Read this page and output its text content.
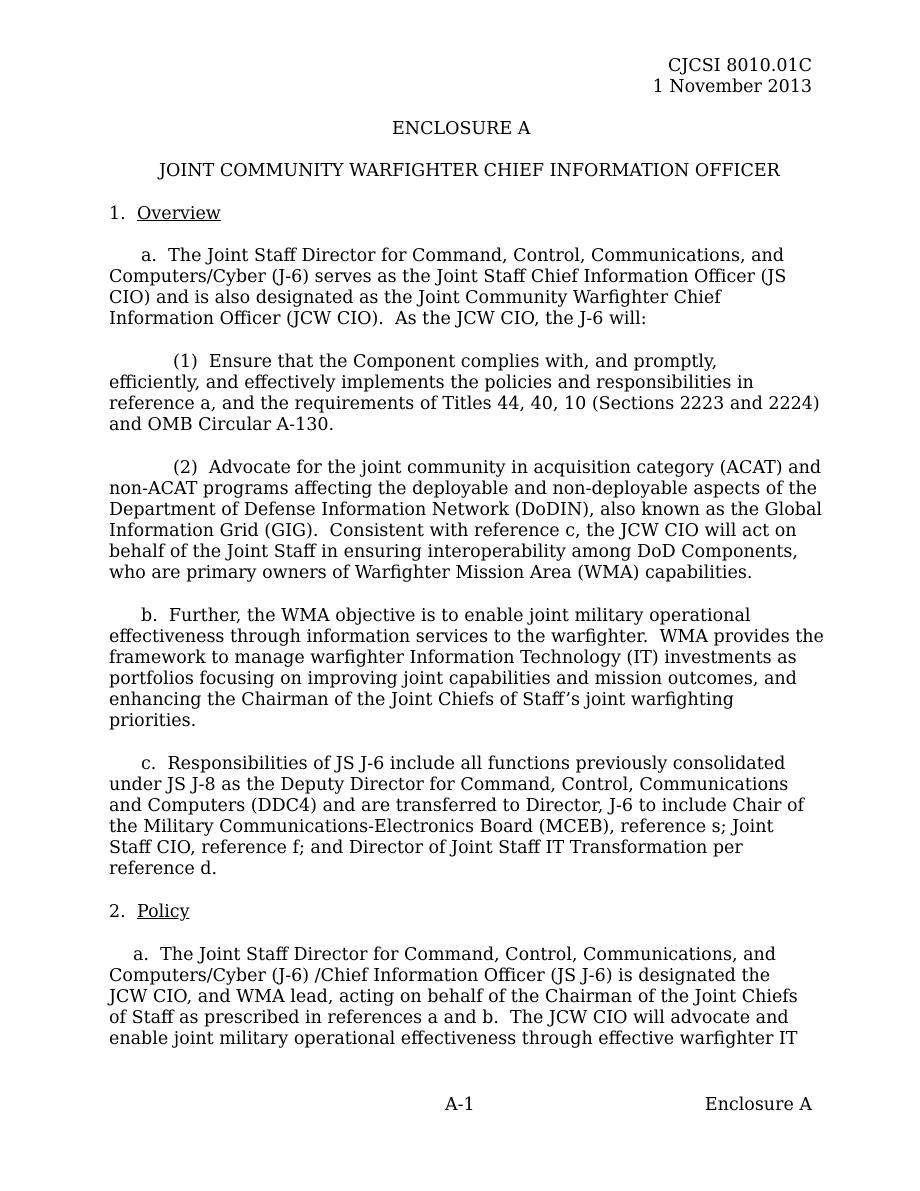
CJCSI 8010.01C
1 November 2013
ENCLOSURE A
JOINT COMMUNITY WARFIGHTER CHIEF INFORMATION OFFICER
1. Overview
a.  The Joint Staff Director for Command, Control, Communications, and
Computers/Cyber (J-6) serves as the Joint Staff Chief Information Officer (JS
CIO) and is also designated as the Joint Community Warfighter Chief
Information Officer (JCW CIO).  As the JCW CIO, the J-6 will:
(1)  Ensure that the Component complies with, and promptly,
efficiently, and effectively implements the policies and responsibilities in
reference a, and the requirements of Titles 44, 40, 10 (Sections 2223 and 2224)
and OMB Circular A-130.
(2)  Advocate for the joint community in acquisition category (ACAT) and
non-ACAT programs affecting the deployable and non-deployable aspects of the
Department of Defense Information Network (DoDIN), also known as the Global
Information Grid (GIG).  Consistent with reference c, the JCW CIO will act on
behalf of the Joint Staff in ensuring interoperability among DoD Components,
who are primary owners of Warfighter Mission Area (WMA) capabilities.
b.  Further, the WMA objective is to enable joint military operational
effectiveness through information services to the warfighter.  WMA provides the
framework to manage warfighter Information Technology (IT) investments as
portfolios focusing on improving joint capabilities and mission outcomes, and
enhancing the Chairman of the Joint Chiefs of Staff’s joint warfighting
priorities.
c.  Responsibilities of JS J-6 include all functions previously consolidated
under JS J-8 as the Deputy Director for Command, Control, Communications
and Computers (DDC4) and are transferred to Director, J-6 to include Chair of
the Military Communications-Electronics Board (MCEB), reference s; Joint
Staff CIO, reference f; and Director of Joint Staff IT Transformation per
reference d.
2. Policy
a.  The Joint Staff Director for Command, Control, Communications, and
Computers/Cyber (J-6) /Chief Information Officer (JS J-6) is designated the
JCW CIO, and WMA lead, acting on behalf of the Chairman of the Joint Chiefs
of Staff as prescribed in references a and b.  The JCW CIO will advocate and
enable joint military operational effectiveness through effective warfighter IT
A-1	Enclosure A
